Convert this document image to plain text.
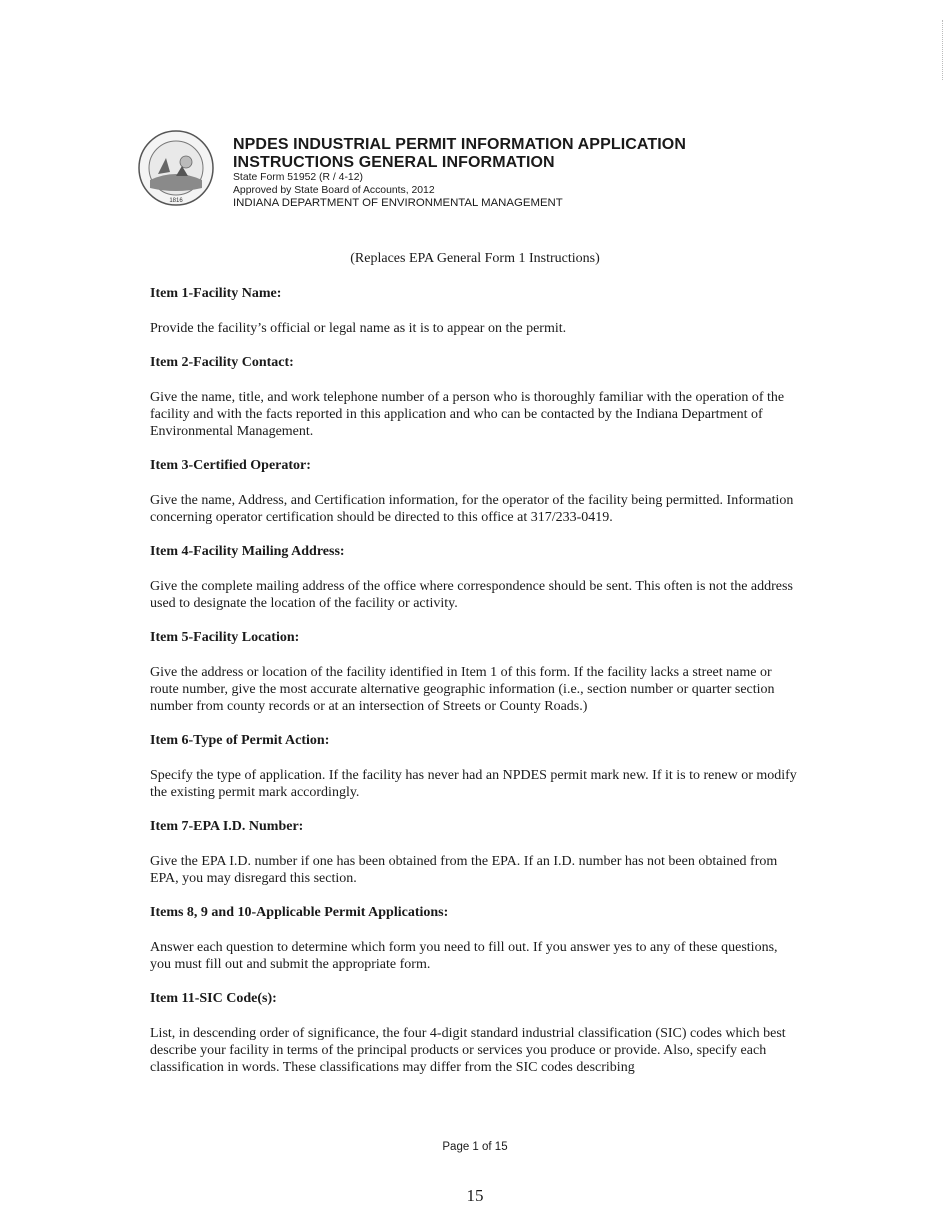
1816

NPDES INDUSTRIAL PERMIT INFORMATION APPLICATION

INSTRUCTIONS GENERAL INFORMATION

State Form 51952 (R / 4-12)

Approved by State Board of Accounts, 2012

INDIANA DEPARTMENT OF ENVIRONMENTAL MANAGEMENT

(Replaces EPA General Form 1 Instructions)

Item 1-Facility Name:

Provide the facility’s official or legal name as it is to appear on the permit.

Item 2-Facility Contact:

Give the name, title, and work telephone number of a person who is thoroughly familiar with the operation of the facility and with the facts reported in this application and who can be contacted by the Indiana Department of Environmental Management.

Item 3-Certified Operator:

Give the name, Address, and Certification information, for the operator of the facility being permitted. Information concerning operator certification should be directed to this office at 317/233-0419.

Item 4-Facility Mailing Address:

Give the complete mailing address of the office where correspondence should be sent. This often is not the address used to designate the location of the facility or activity.

Item 5-Facility Location:

Give the address or location of the facility identified in Item 1 of this form. If the facility lacks a street name or route number, give the most accurate alternative geographic information (i.e., section number or quarter section number from county records or at an intersection of Streets or County Roads.)

Item 6-Type of Permit Action:

Specify the type of application. If the facility has never had an NPDES permit mark new. If it is to renew or modify the existing permit mark accordingly.

Item 7-EPA I.D. Number:

Give the EPA I.D. number if one has been obtained from the EPA. If an I.D. number has not been obtained from EPA, you may disregard this section.

Items 8, 9 and 10-Applicable Permit Applications:

Answer each question to determine which form you need to fill out. If you answer yes to any of these questions, you must fill out and submit the appropriate form.

Item 11-SIC Code(s):

List, in descending order of significance, the four 4-digit standard industrial classification (SIC) codes which best describe your facility in terms of the principal products or services you produce or provide. Also, specify each classification in words. These classifications may differ from the SIC codes describing

Page 1 of 15
15
